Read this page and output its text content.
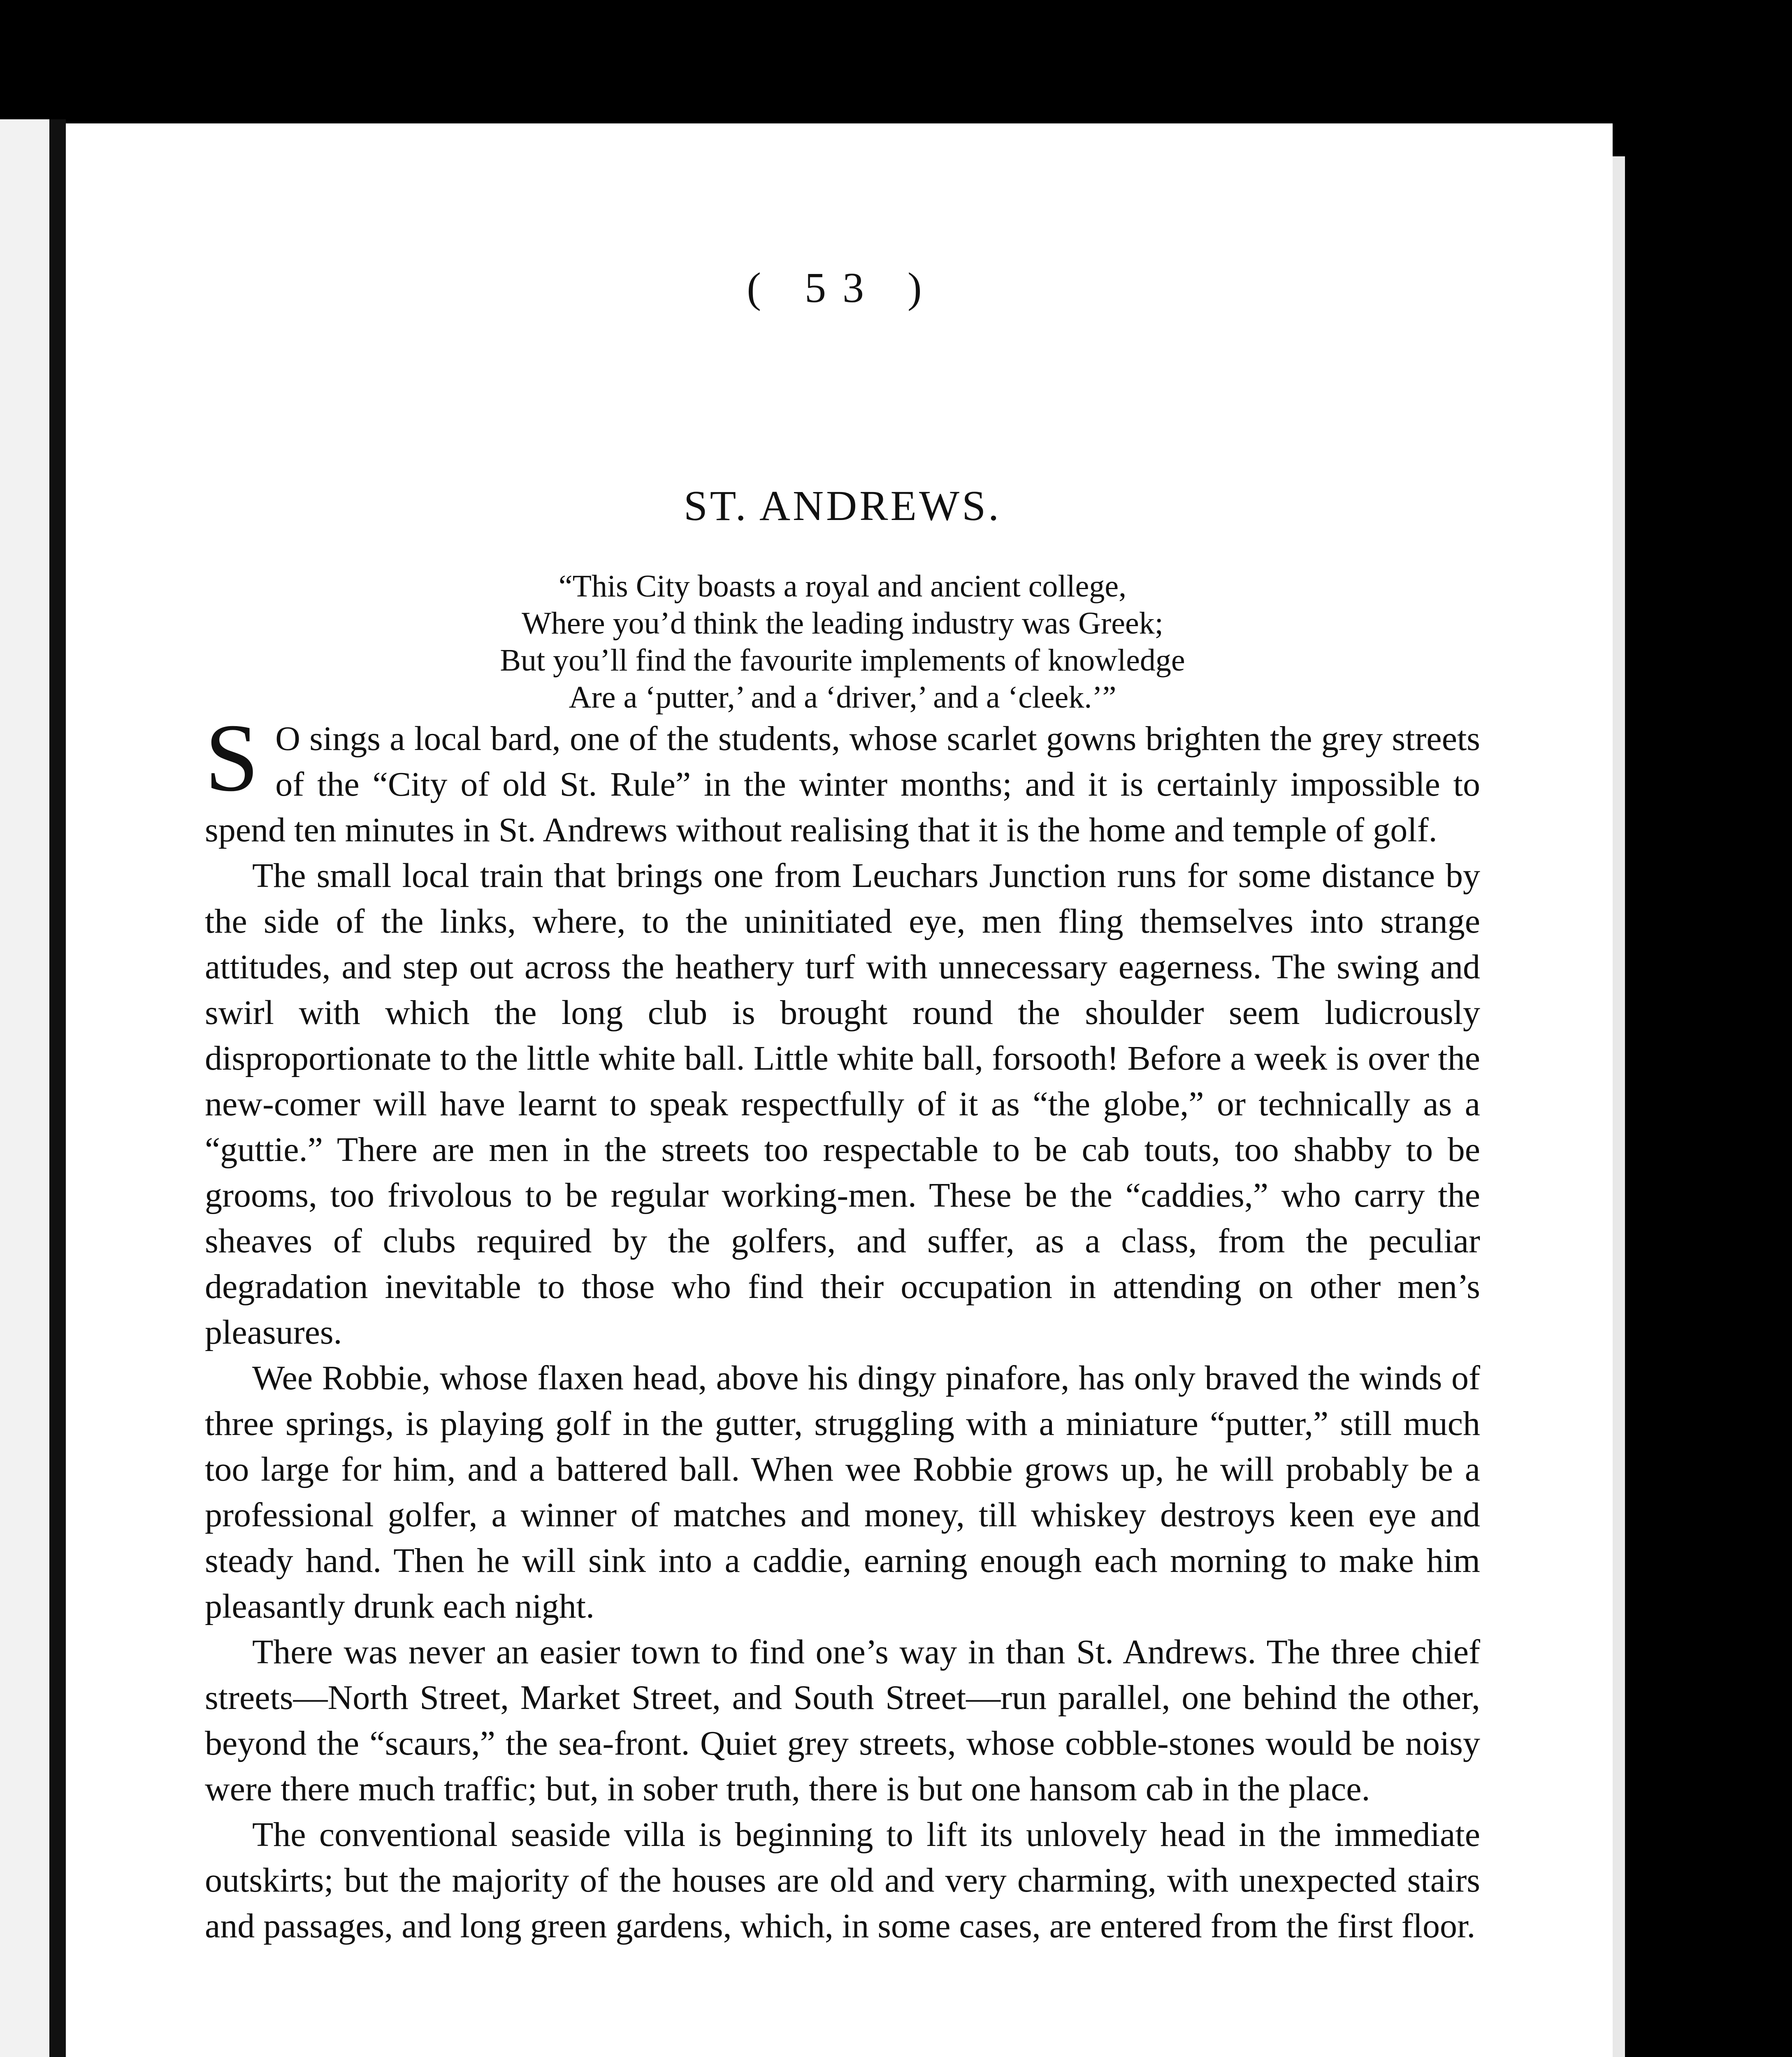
( 53 )
ST. ANDREWS.
“This City boasts a royal and ancient college,
Where you’d think the leading industry was Greek;
But you’ll find the favourite implements of knowledge
Are a ‘putter,’ and a ‘driver,’ and a ‘cleek.’”

S O sings a local bard, one of the students, whose scarlet gowns brighten the grey streets of the “City of old St. Rule” in the winter months; and it is certainly impossible to spend ten minutes in St. Andrews without realising that it is the home and temple of golf.

The small local train that brings one from Leuchars Junction runs for some distance by the side of the links, where, to the uninitiated eye, men fling themselves into strange attitudes, and step out across the heathery turf with unnecessary eagerness. The swing and swirl with which the long club is brought round the shoulder seem ludicrously disproportionate to the little white ball. Little white ball, forsooth! Before a week is over the new-comer will have learnt to speak respectfully of it as “the globe,” or technically as a “guttie.” There are men in the streets too respectable to be cab touts, too shabby to be grooms, too frivolous to be regular working-men. These be the “caddies,” who carry the sheaves of clubs required by the golfers, and suffer, as a class, from the peculiar degradation inevitable to those who find their occupation in attending on other men’s pleasures.

Wee Robbie, whose flaxen head, above his dingy pinafore, has only braved the winds of three springs, is playing golf in the gutter, struggling with a miniature “putter,” still much too large for him, and a battered ball. When wee Robbie grows up, he will probably be a professional golfer, a winner of matches and money, till whiskey destroys keen eye and steady hand. Then he will sink into a caddie, earning enough each morning to make him pleasantly drunk each night.

There was never an easier town to find one’s way in than St. Andrews. The three chief streets—North Street, Market Street, and South Street—run parallel, one behind the other, beyond the “scaurs,” the sea-front. Quiet grey streets, whose cobble-stones would be noisy were there much traffic; but, in sober truth, there is but one hansom cab in the place.

The conventional seaside villa is beginning to lift its unlovely head in the immediate outskirts; but the majority of the houses are old and very charming, with unexpected stairs and passages, and long green gardens, which, in some cases, are entered from the first floor.
